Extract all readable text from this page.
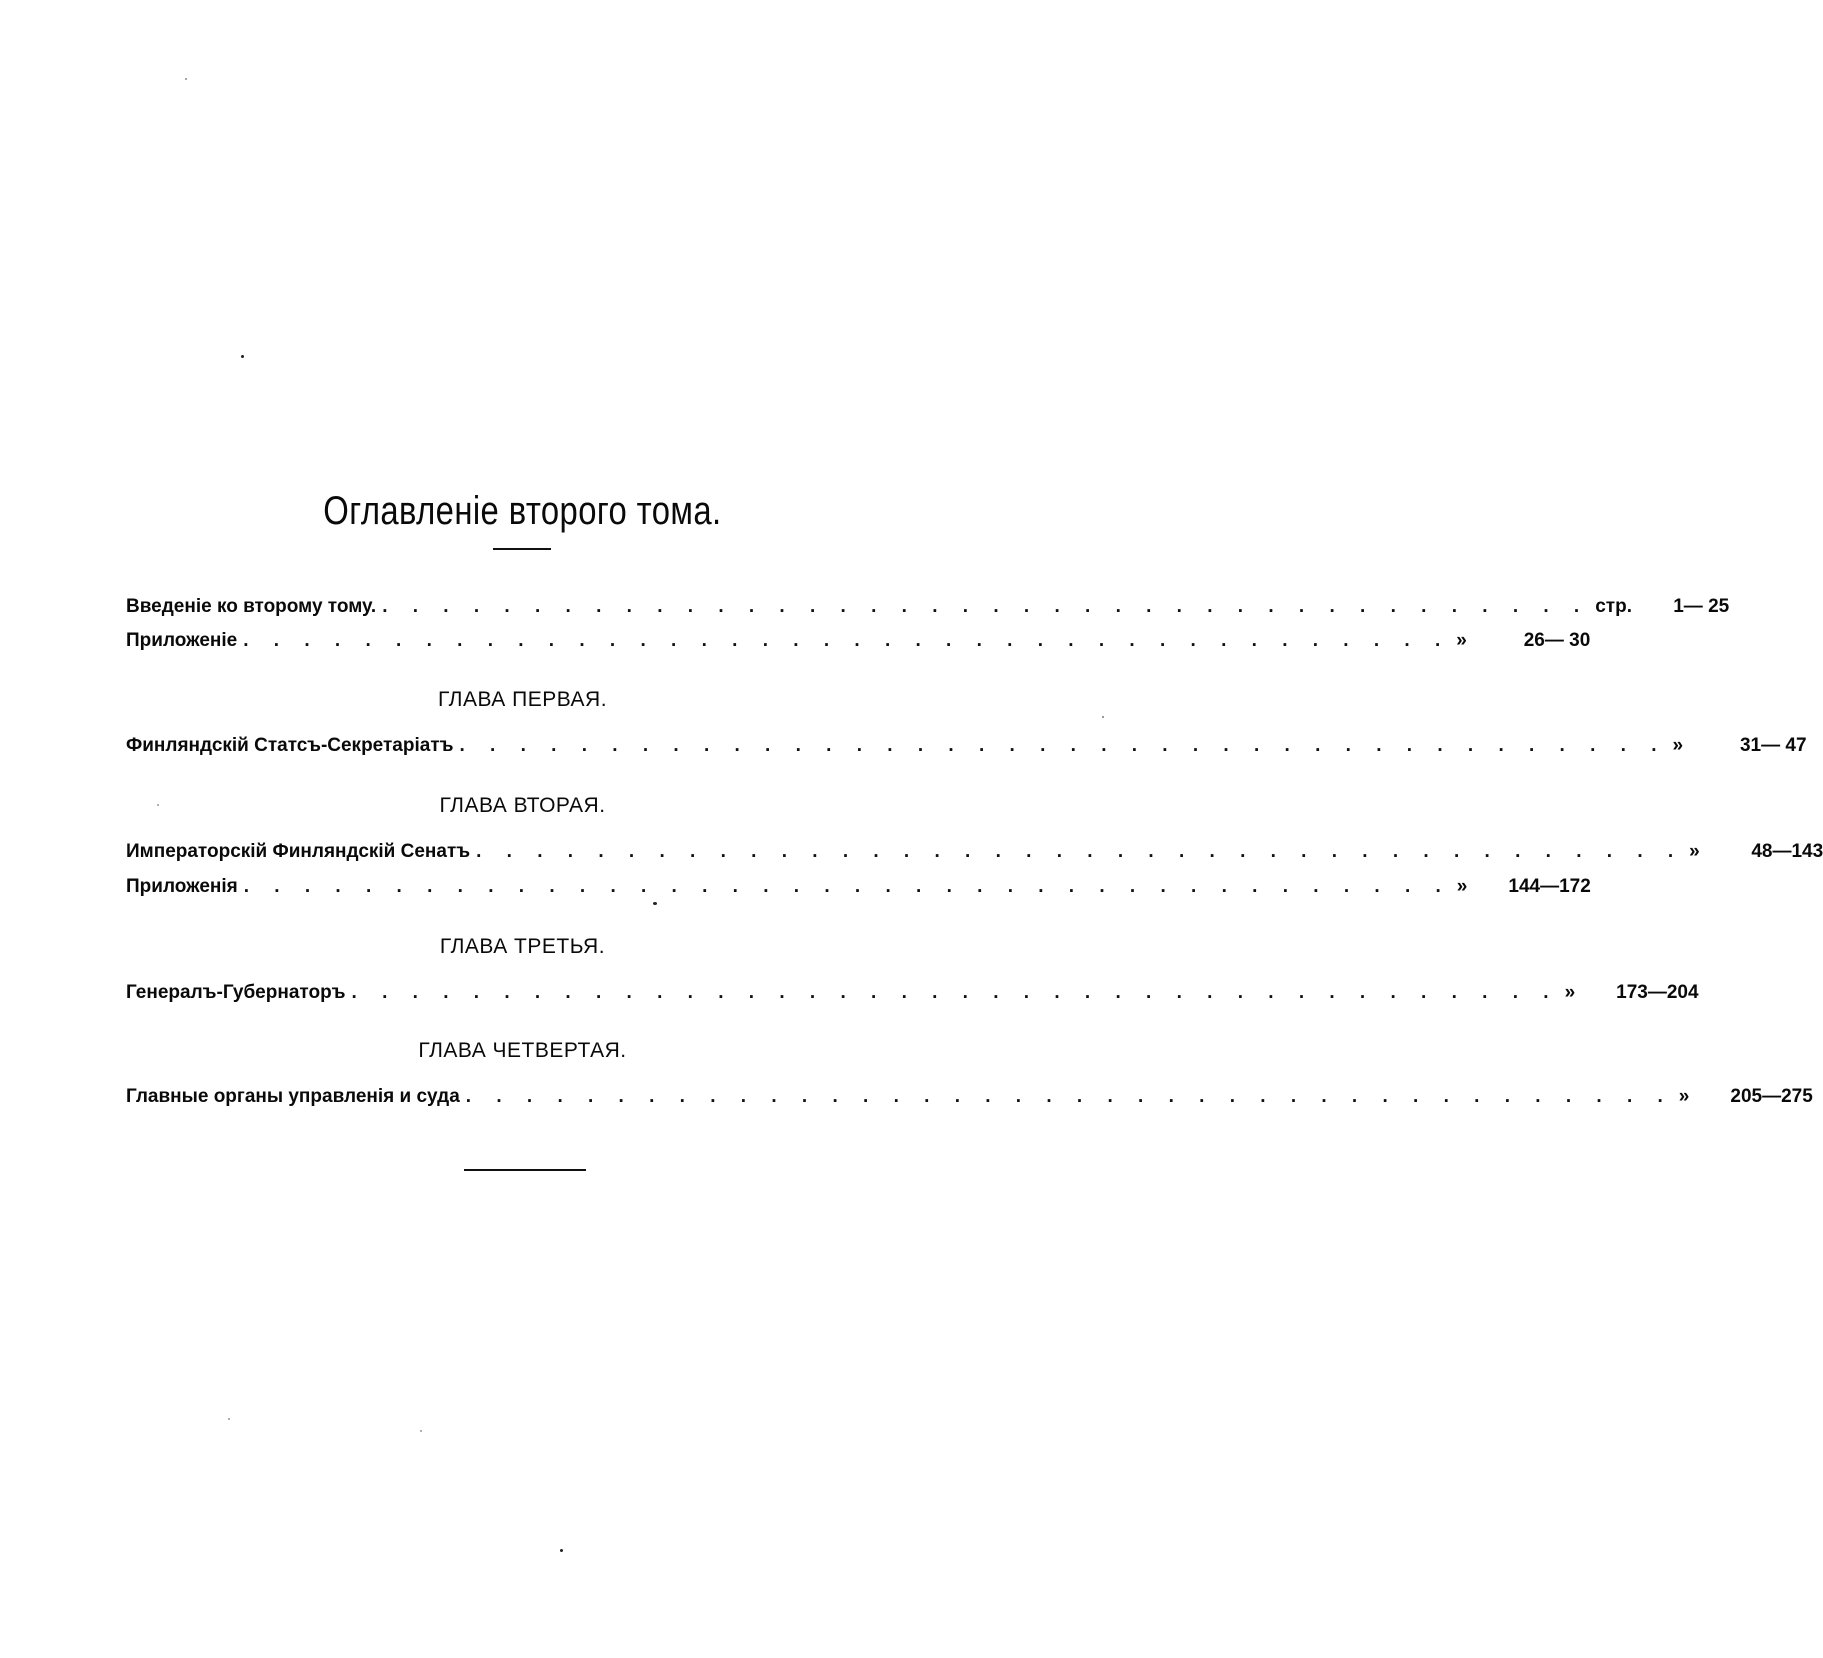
Оглавленіе второго тома.
Введеніе ко второму тому. . . . . . . . . . . . . . . . . . . . . . . . . . . . . . . . . . . . . . . . . стр.	1— 25
Приложеніе . . . . . . . . . . . . . . . . . . . . . . . . . . . . . . . . . . . . . . . . »	26— 30
ГЛАВА ПЕРВАЯ.
Финляндскій Статсъ-Секретаріатъ . . . . . . . . . . . . . . . . . . . . . . . . . . . . . . . . . . . . . . . . »	31— 47
ГЛАВА ВТОРАЯ.
Императорскій Финляндскій Сенатъ . . . . . . . . . . . . . . . . . . . . . . . . . . . . . . . . . . . . . . . . »	48—143
Приложенія . . . . . . . . . . . . . . . . . . . . . . . . . . . . . . . . . . . . . . . . »	144—172
ГЛАВА ТРЕТЬЯ.
Генералъ-Губернаторъ . . . . . . . . . . . . . . . . . . . . . . . . . . . . . . . . . . . . . . . . »	173—204
ГЛАВА ЧЕТВЕРТАЯ.
Главные органы управленія и суда . . . . . . . . . . . . . . . . . . . . . . . . . . . . . . . . . . . . . . . . »	205—275
